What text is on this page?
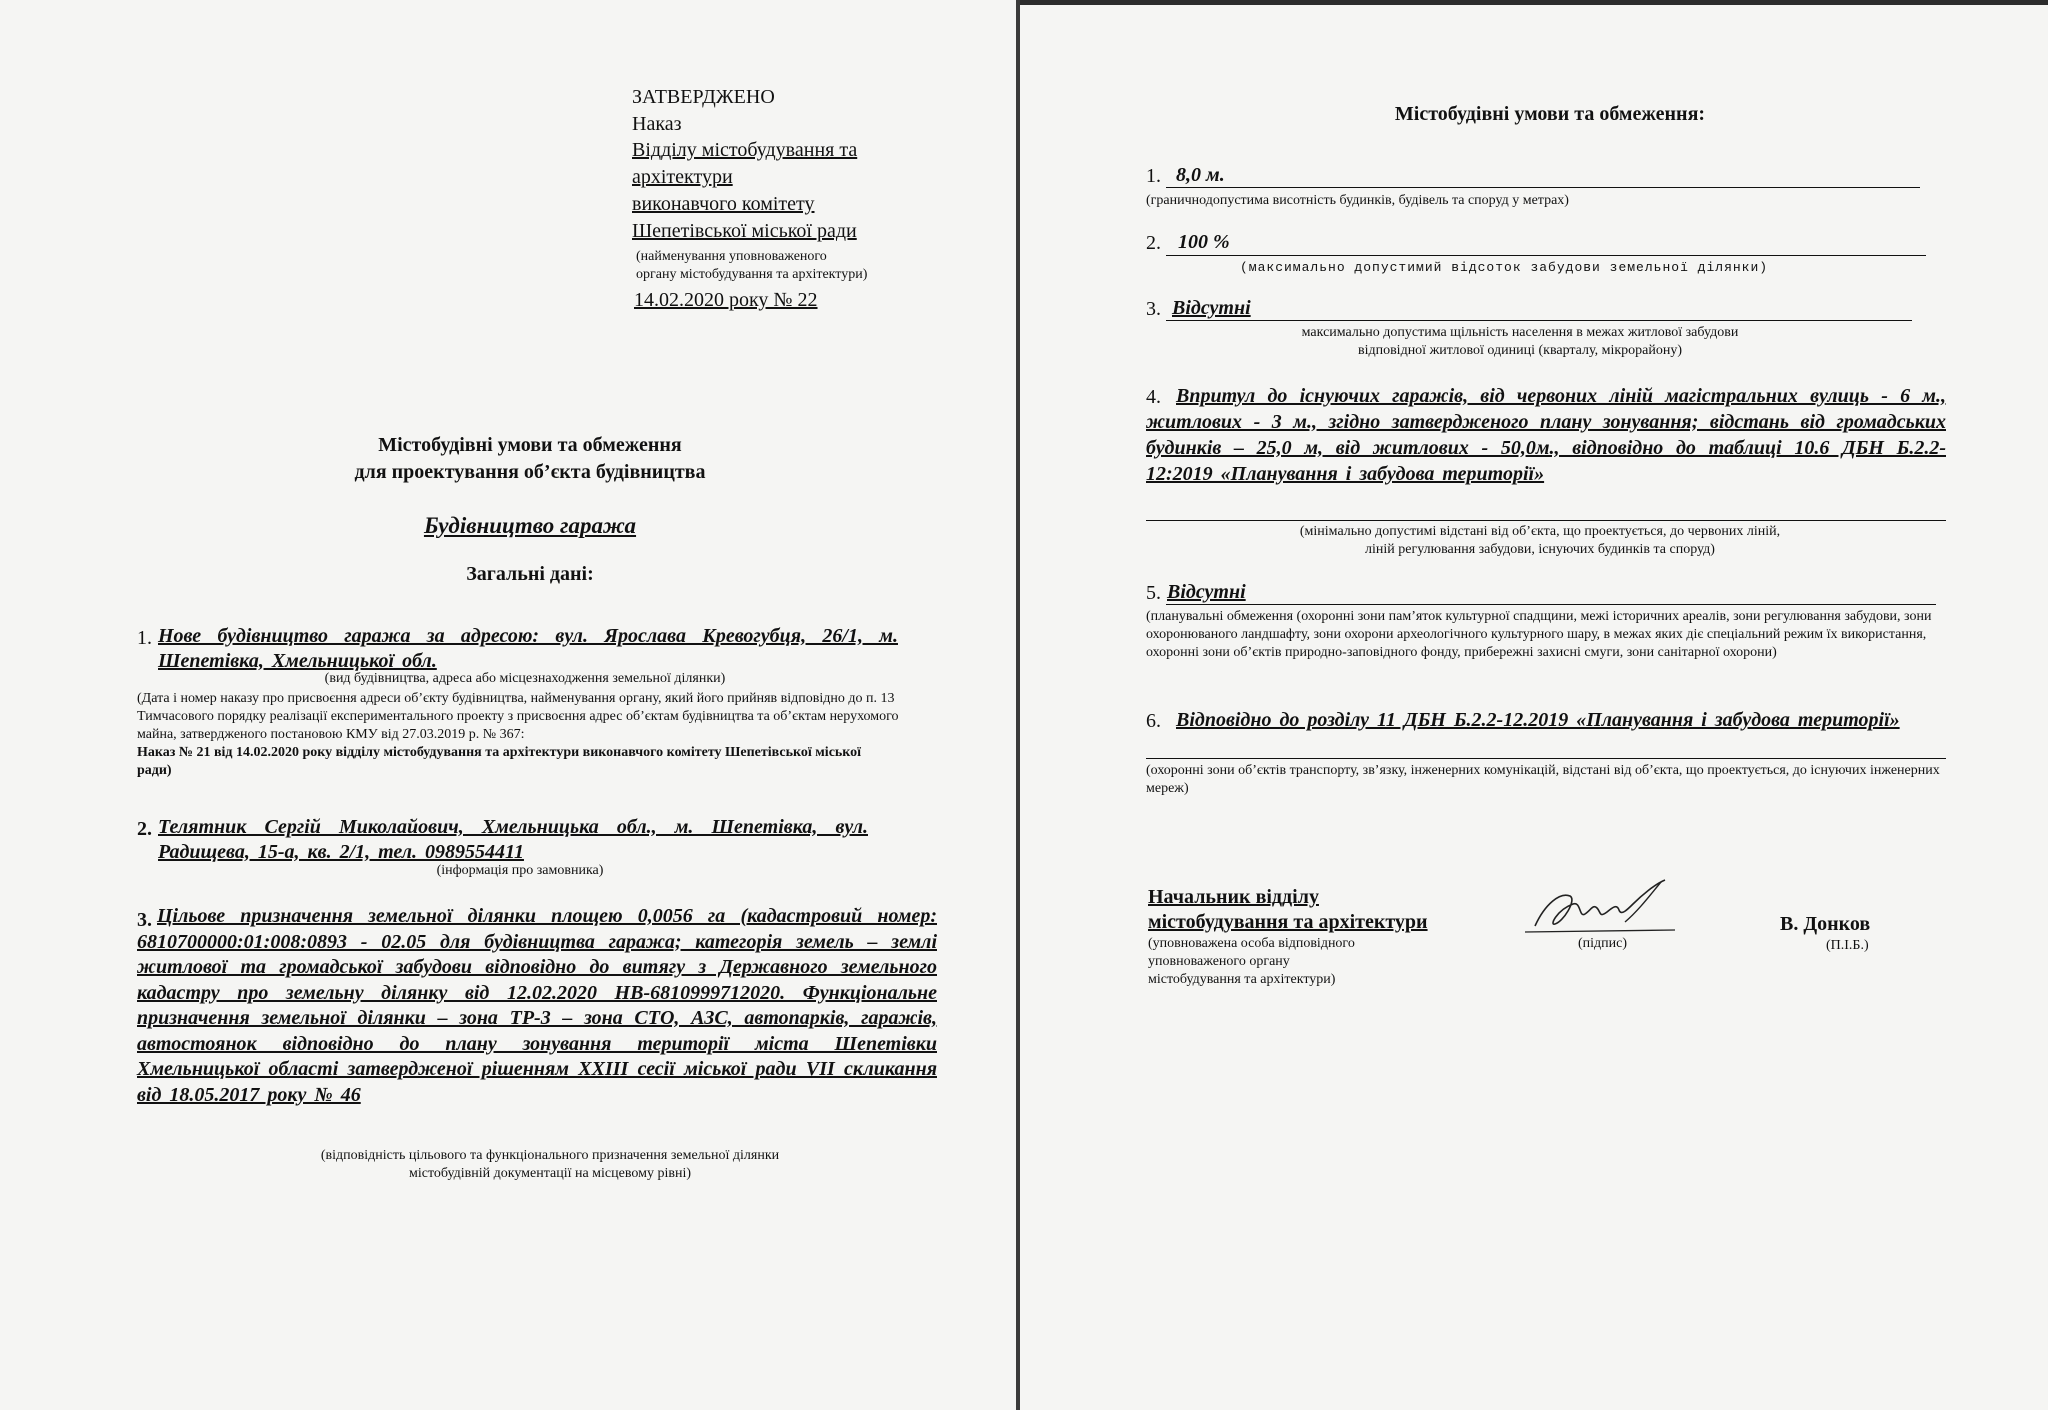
ЗАТВЕРДЖЕНО
Наказ
Відділу містобудування та
архітектури
виконавчого комітету
Шепетівської міської ради
(найменування уповноваженого
органу містобудування та архітектури)
14.02.2020 року № 22
Містобудівні умови та обмеження
для проектування об’єкта будівництва
Будівництво гаража
Загальні дані:
1. Нове будівництво гаража за адресою: вул. Ярослава Кревогубця, 26/1, м. Шепетівка, Хмельницької обл.
(вид будівництва, адреса або місцезнаходження земельної ділянки)
(Дата і номер наказу про присвоєння адреси об’єкту будівництва, найменування органу, який його прийняв відповідно до п. 13 Тимчасового порядку реалізації експериментального проекту з присвоєння адрес об’єктам будівництва та об’єктам нерухомого майна, затвердженого постановою КМУ від 27.03.2019 р. № 367:
Наказ № 21 від 14.02.2020 року відділу містобудування та архітектури виконавчого комітету Шепетівської міської ради)
2. Телятник Сергій Миколайович, Хмельницька обл., м. Шепетівка, вул. Радищева, 15-а, кв. 2/1, тел. 0989554411
(інформація про замовника)
3. Цільове призначення земельної ділянки площею 0,0056 га (кадастровий номер: 6810700000:01:008:0893 - 02.05 для будівництва гаража; категорія земель – землі житлової та громадської забудови відповідно до витягу з Державного земельного кадастру про земельну ділянку від 12.02.2020 НВ-6810999712020. Функціональне призначення земельної ділянки – зона ТР-3 – зона СТО, АЗС, автопарків, гаражів, автостоянок відповідно до плану зонування території міста Шепетівки Хмельницької області затвердженої рішенням XXIII сесії міської ради VII скликання від 18.05.2017 року № 46
(відповідність цільового та функціонального призначення земельної ділянки
містобудівній документації на місцевому рівні)
Містобудівні умови та обмеження:
1. 8,0 м.
(граничнодопустима висотність будинків, будівель та споруд у метрах)
2. 100 %
(максимально допустимий відсоток забудови земельної ділянки)
3. Відсутні
максимально допустима щільність населення в межах житлової забудови
відповідної житлової одиниці (кварталу, мікрорайону)
4. Впритул до існуючих гаражів, від червоних ліній магістральних вулиць - 6 м., житлових - 3 м., згідно затвердженого плану зонування; відстань від громадських будинків – 25,0 м, від житлових - 50,0м., відповідно до таблиці 10.6 ДБН Б.2.2-12:2019 «Планування і забудова території»
(мінімально допустимі відстані від об’єкта, що проектується, до червоних ліній,
ліній регулювання забудови, існуючих будинків та споруд)
5. Відсутні
(планувальні обмеження (охоронні зони пам’яток культурної спадщини, межі історичних ареалів, зони регулювання забудови, зони охоронюваного ландшафту, зони охорони археологічного культурного шару, в межах яких діє спеціальний режим їх використання, охоронні зони об’єктів природно-заповідного фонду, прибережні захисні смуги, зони санітарної охорони)
6. Відповідно до розділу 11 ДБН Б.2.2-12.2019 «Планування і забудова території»
(охоронні зони об’єктів транспорту, зв’язку, інженерних комунікацій, відстані від об’єкта, що проектується, до існуючих інженерних мереж)
Начальник відділу
містобудування та архітектури
(уповноважена особа відповідного
уповноваженого органу
містобудування та архітектури)
(підпис)
В. Донков
(П.І.Б.)
